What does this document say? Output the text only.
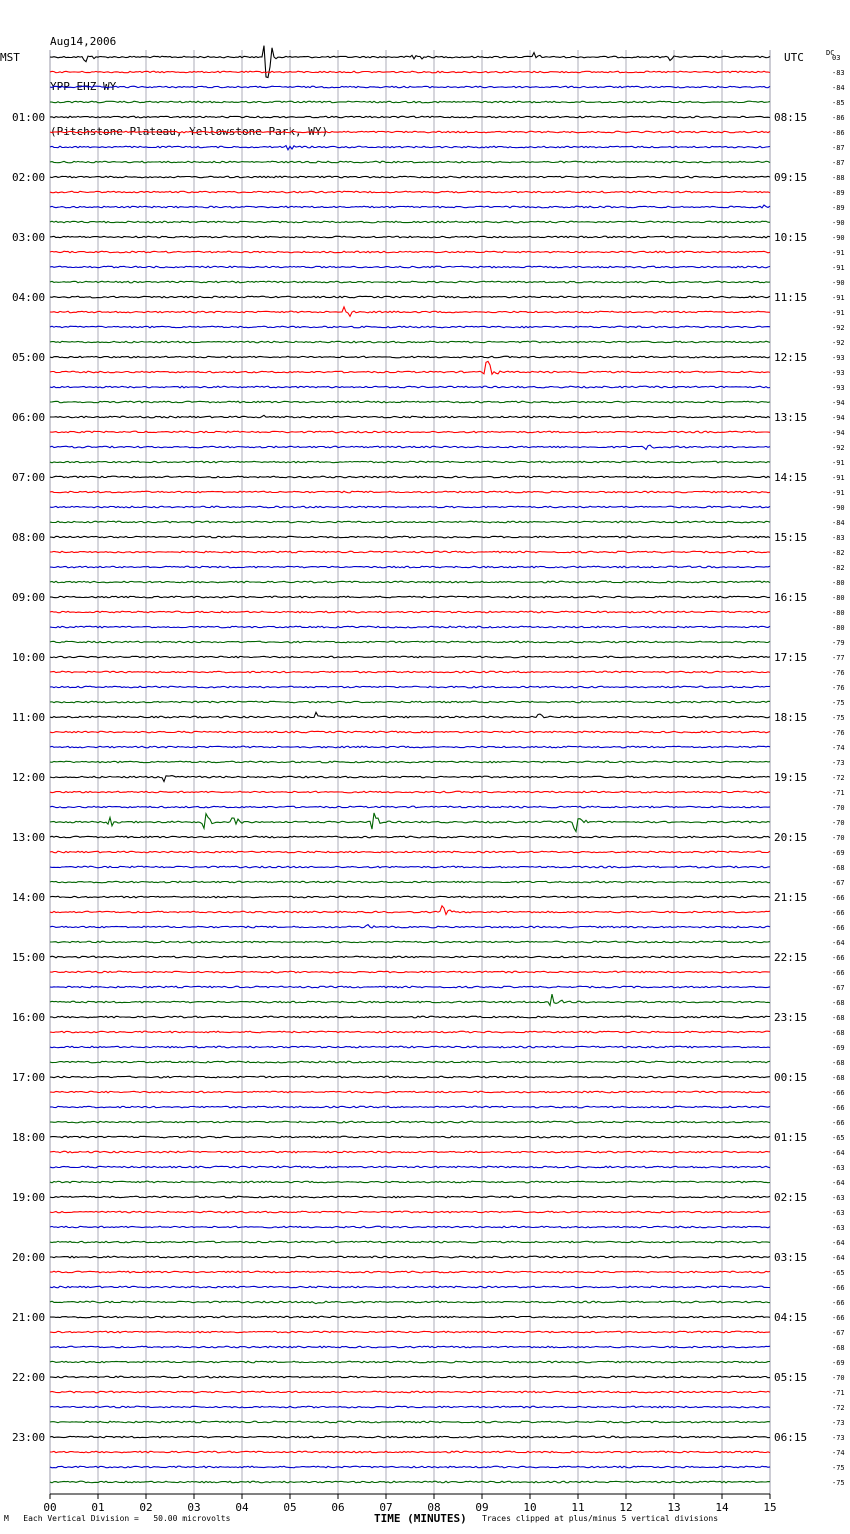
Aug14,2006

YPP EHZ WY

(Pitchstone Plateau, Yellowstone Park, WY)

MST	UTC	DC
01:00
02:00
03:00
04:00
05:00
06:00
07:00
08:00
09:00
10:00
11:00
12:00
13:00
14:00
15:00
16:00
17:00
18:00
19:00
20:00
21:00
22:00
23:00
08:15
09:15
10:15
11:15
12:15
13:15
14:15
15:15
16:15
17:15
18:15
19:15
20:15
21:15
22:15
23:15
00:15
01:15
02:15
03:15
04:15
05:15
06:15
03
-83
-84
-85
-86
-86
-87
-87
-88
-89
-89
-90
-90
-91
-91
-90
-91
-91
-92
-92
-93
-93
-93
-94
-94
-94
-92
-91
-91
-91
-90
-84
-83
-82
-82
-80
-80
-80
-80
-79
-77
-76
-76
-75
-75
-76
-74
-73
-72
-71
-70
-70
-70
-69
-68
-67
-66
-66
-66
-64
-66
-66
-67
-68
-68
-68
-69
-68
-68
-66
-66
-66
-65
-64
-63
-64
-63
-63
-63
-64
-64
-65
-66
-66
-66
-67
-68
-69
-70
-71
-72
-73
-73
-74
-75
-75
00	01	02	03	04	05	06	07	08	09	10	11	12	13	14	15
M Each Vertical Division =   50.00 microvolts	TIME (MINUTES) Traces clipped at plus/minus 5 vertical divisions
